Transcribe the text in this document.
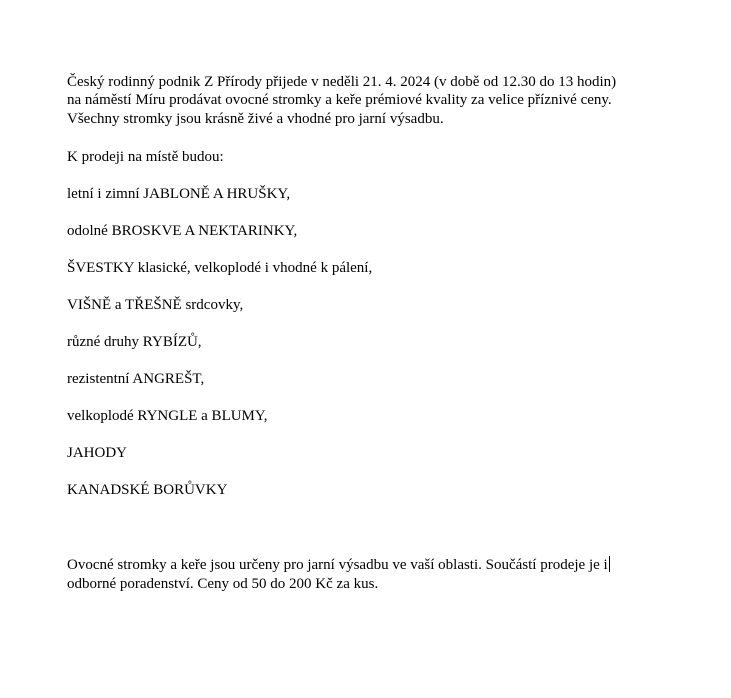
Český rodinný podnik Z Přírody přijede v neděli 21. 4. 2024 (v době od 12.30 do 13 hodin)
na náměstí Míru prodávat ovocné stromky a keře prémiové kvality za velice příznivé ceny.
Všechny stromky jsou krásně živé a vhodné pro jarní výsadbu.
K prodeji na místě budou:
letní i zimní JABLONĚ A HRUŠKY,
odolné BROSKVE A NEKTARINKY,
ŠVESTKY klasické, velkoplodé i vhodné k pálení,
VIŠNĚ a TŘEŠNĚ srdcovky,
různé druhy RYBÍZŮ,
rezistentní ANGREŠT,
velkoplodé RYNGLE a BLUMY,
JAHODY
KANADSKÉ BORŮVKY
Ovocné stromky a keře jsou určeny pro jarní výsadbu ve vaší oblasti. Součástí prodeje je i
odborné poradenství. Ceny od 50 do 200 Kč za kus.
